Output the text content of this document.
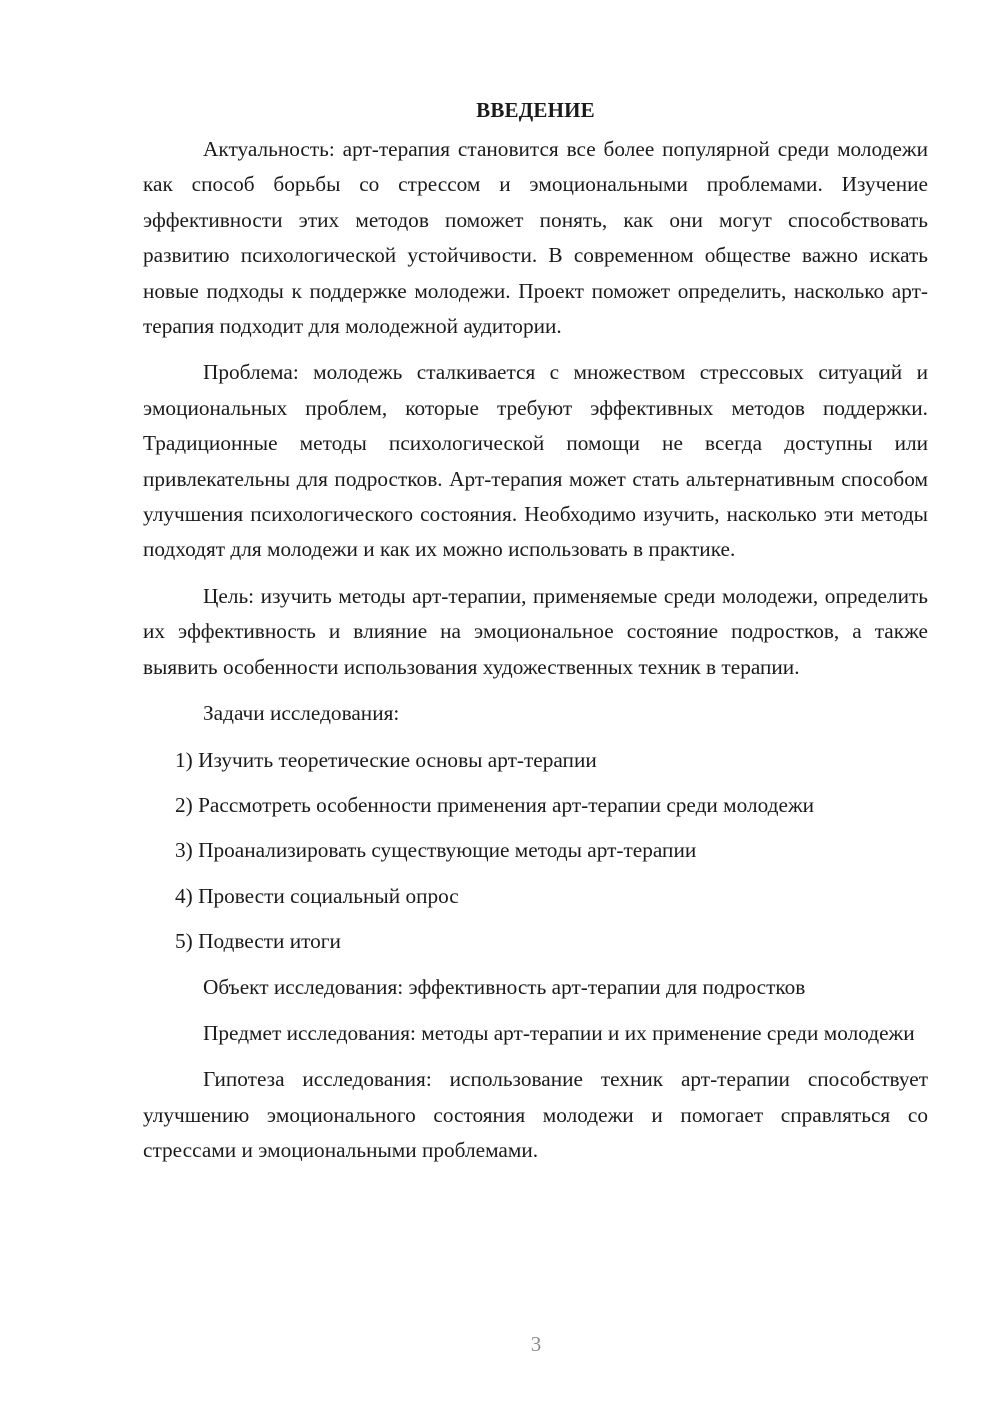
ВВЕДЕНИЕ

Актуальность: арт-терапия становится все более популярной среди молодежи как способ борьбы со стрессом и эмоциональными проблемами. Изучение эффективности этих методов поможет понять, как они могут способствовать развитию психологической устойчивости. В современном обществе важно искать новые подходы к поддержке молодежи. Проект поможет определить, насколько арт-терапия подходит для молодежной аудитории.

Проблема: молодежь сталкивается с множеством стрессовых ситуаций и эмоциональных проблем, которые требуют эффективных методов поддержки. Традиционные методы психологической помощи не всегда доступны или привлекательны для подростков. Арт-терапия может стать альтернативным способом улучшения психологического состояния. Необходимо изучить, насколько эти методы подходят для молодежи и как их можно использовать в практике.

Цель: изучить методы арт-терапии, применяемые среди молодежи, определить их эффективность и влияние на эмоциональное состояние подростков, а также выявить особенности использования художественных техник в терапии.

Задачи исследования:

1) Изучить теоретические основы арт-терапии
2) Рассмотреть особенности применения арт-терапии среди молодежи
3) Проанализировать существующие методы арт-терапии
4) Провести социальный опрос
5) Подвести итоги

Объект исследования: эффективность арт-терапии для подростков

Предмет исследования: методы арт-терапии и их применение среди молодежи

Гипотеза исследования: использование техник арт-терапии способствует улучшению эмоционального состояния молодежи и помогает справляться со стрессами и эмоциональными проблемами.

3
